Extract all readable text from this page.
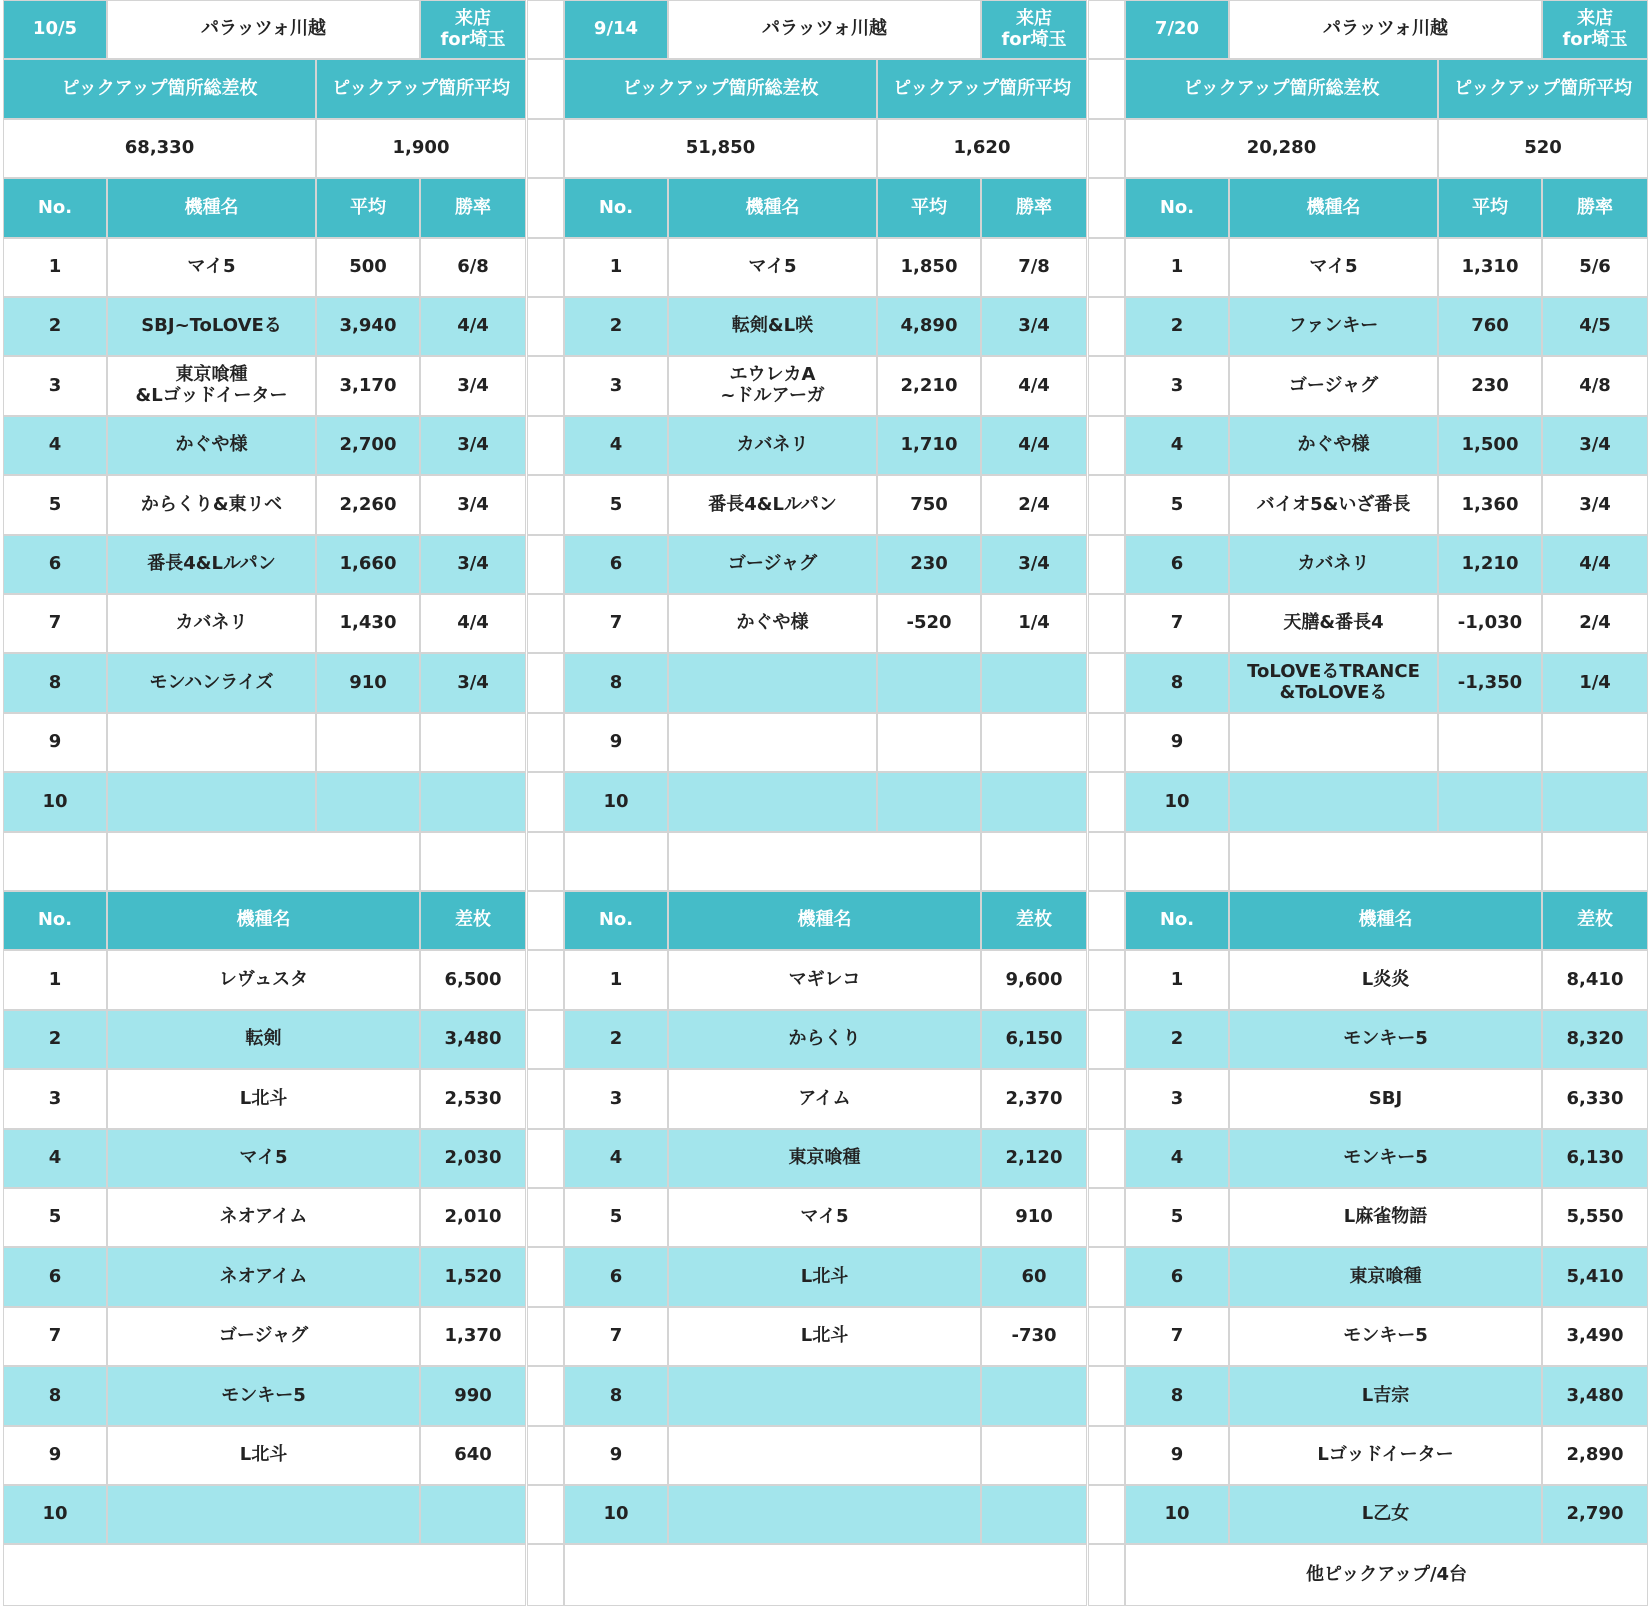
10/5	パラッツォ川越	来店
for埼玉
ピックアップ箇所総差枚	ピックアップ箇所平均
68,330	1,900
No.	機種名	平均	勝率
1	マイ5	500	6/8
2	SBJ~ToLOVEる	3,940	4/4
3	東京喰種
&Lゴッドイーター	3,170	3/4
4	かぐや様	2,700	3/4
5	からくり&東リベ	2,260	3/4
6	番長4&Lルパン	1,660	3/4
7	カバネリ	1,430	4/4
8	モンハンライズ	910	3/4
9
10
No.	機種名	差枚
1	レヴュスタ	6,500
2	転剣	3,480
3	L北斗	2,530
4	マイ5	2,030
5	ネオアイム	2,010
6	ネオアイム	1,520
7	ゴージャグ	1,370
8	モンキー5	990
9	L北斗	640
10
9/14	パラッツォ川越	来店
for埼玉
ピックアップ箇所総差枚	ピックアップ箇所平均
51,850	1,620
No.	機種名	平均	勝率
1	マイ5	1,850	7/8
2	転剣&L咲	4,890	3/4
3	エウレカA
~ドルアーガ	2,210	4/4
4	カバネリ	1,710	4/4
5	番長4&Lルパン	750	2/4
6	ゴージャグ	230	3/4
7	かぐや様	-520	1/4
8
9
10
No.	機種名	差枚
1	マギレコ	9,600
2	からくり	6,150
3	アイム	2,370
4	東京喰種	2,120
5	マイ5	910
6	L北斗	60
7	L北斗	-730
8
9
10
7/20	パラッツォ川越	来店
for埼玉
ピックアップ箇所総差枚	ピックアップ箇所平均
20,280	520
No.	機種名	平均	勝率
1	マイ5	1,310	5/6
2	ファンキー	760	4/5
3	ゴージャグ	230	4/8
4	かぐや様	1,500	3/4
5	バイオ5&いざ番長	1,360	3/4
6	カバネリ	1,210	4/4
7	天膳&番長4	-1,030	2/4
8	ToLOVEるTRANCE
&ToLOVEる	-1,350	1/4
9
10
No.	機種名	差枚
1	L炎炎	8,410
2	モンキー5	8,320
3	SBJ	6,330
4	モンキー5	6,130
5	L麻雀物語	5,550
6	東京喰種	5,410
7	モンキー5	3,490
8	L吉宗	3,480
9	Lゴッドイーター	2,890
10	L乙女	2,790
他ピックアップ/4台
